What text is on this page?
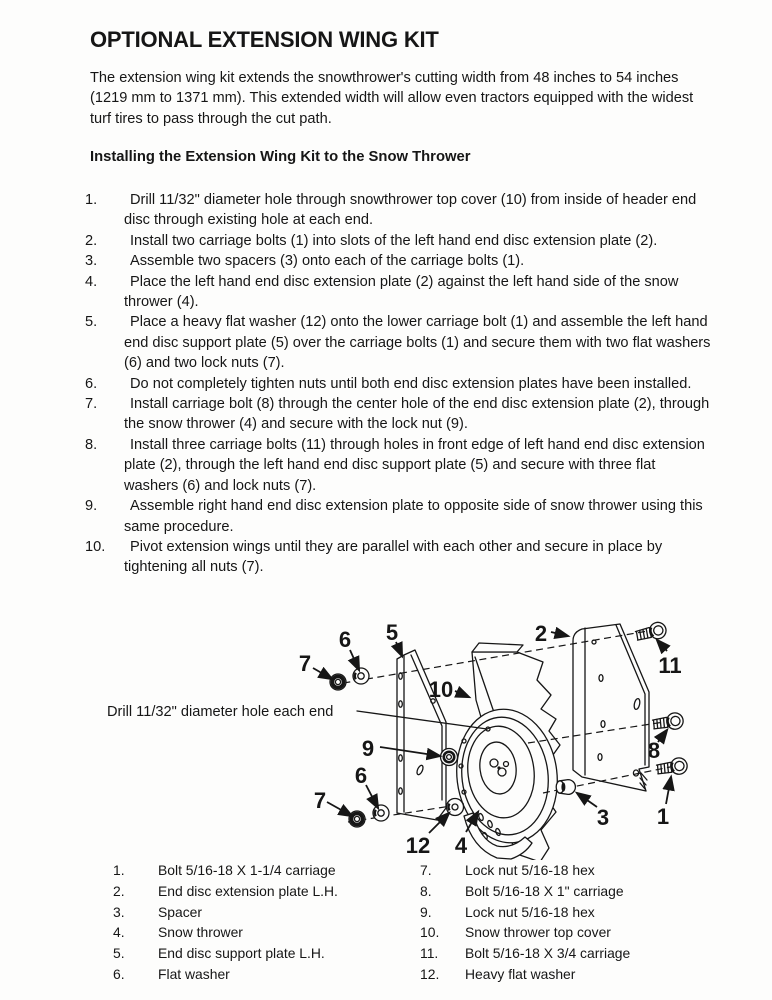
OPTIONAL EXTENSION WING KIT

The extension wing kit extends the snowthrower's cutting width from 48 inches to 54 inches (1219 mm to 1371 mm). This extended width will allow even tractors equipped with the widest turf tires to pass through the cut path.

Installing the Extension Wing Kit to the Snow Thrower
1.	Drill 11/32" diameter hole through snowthrower top cover (10) from inside of header end disc through existing hole at each end.
2.	Install two carriage bolts (1) into slots of the left hand end disc extension plate (2).
3.	Assemble two spacers (3) onto each of the carriage bolts (1).
4.	Place the left hand end disc extension plate (2) against the left hand side of the snow thrower (4).
5.	Place a heavy flat washer (12) onto the lower carriage bolt (1) and assemble the left hand end disc support plate (5) over the carriage bolts (1) and secure them with two flat washers (6) and two lock nuts (7).
6.	Do not completely tighten nuts until both end disc extension plates have been installed.
7.	Install carriage bolt (8) through the center hole of the end disc extension plate (2), through the snow thrower (4) and secure with the lock nut (9).
8.	Install three carriage bolts (11) through holes in front edge of left hand end disc extension plate (2), through the left hand end disc support plate (5) and secure with three flat washers (6) and lock nuts (7).
9.	Assemble right hand end disc extension plate to opposite side of snow thrower using this same procedure.
10.	Pivot extension wings until they are parallel with each other and secure in place by tightening all nuts (7).
7
6 5
10
2
11
8
1
3
4
12
7
6
9
Drill 11/32" diameter hole each end
1.	Bolt 5/16-18 X 1-1/4 carriage
2.	End disc extension plate L.H.
3.	Spacer
4.	Snow thrower
5.	End disc support plate L.H.
6.	Flat washer
7.	Lock nut 5/16-18 hex
8.	Bolt 5/16-18 X 1" carriage
9.	Lock nut 5/16-18 hex
10.	Snow thrower top cover
11.	Bolt 5/16-18 X 3/4 carriage
12.	Heavy flat washer
